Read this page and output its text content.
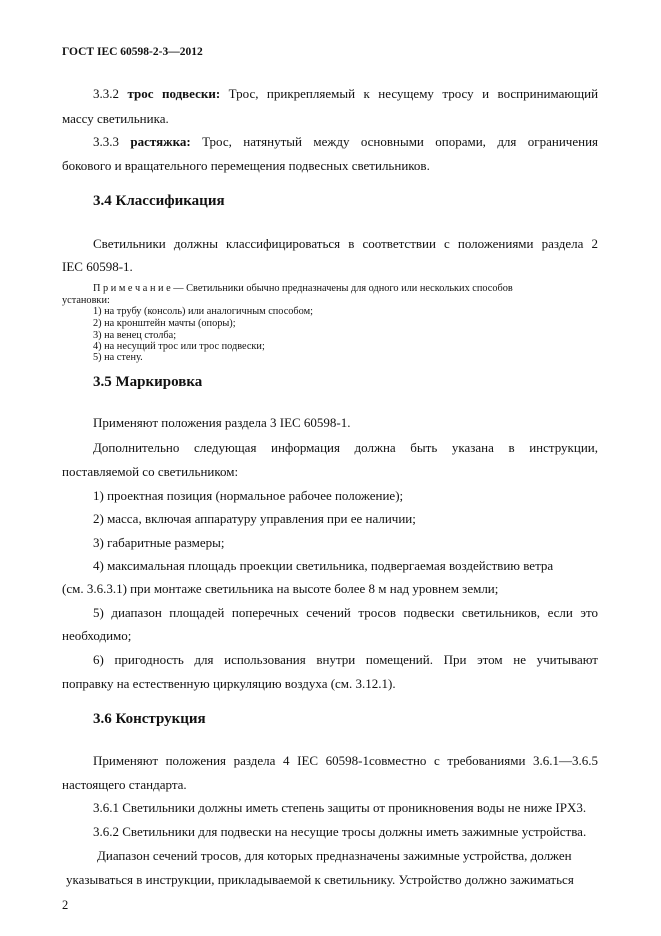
ГОСТ IEC 60598-2-3—2012
3.3.2 трос подвески: Трос, прикрепляемый к несущему тросу и воспринимающий
массу светильника.
3.3.3 растяжка: Трос, натянутый между основными опорами, для ограничения
бокового и вращательного перемещения подвесных светильников.
3.4 Классификация
Светильники должны классифицироваться в соответствии с положениями раздела 2
IEC 60598-1.
П р и м е ч а н и е — Светильники обычно предназначены для одного или нескольких способов
установки:
1) на трубу (консоль) или аналогичным способом;
2) на кронштейн мачты (опоры);
3) на венец столба;
4) на несущий трос или трос подвески;
5) на стену.
3.5 Маркировка
Применяют положения раздела 3 IEC 60598-1.
Дополнительно следующая информация должна быть указана в инструкции,
поставляемой со светильником:
1) проектная позиция (нормальное рабочее положение);
2) масса, включая аппаратуру управления при ее наличии;
3) габаритные размеры;
4) максимальная площадь проекции светильника, подвергаемая воздействию ветра
(см. 3.6.3.1) при монтаже светильника на высоте более 8 м над уровнем земли;
5) диапазон площадей поперечных сечений тросов подвески светильников, если это
необходимо;
6) пригодность для использования внутри помещений. При этом не учитывают
поправку на естественную циркуляцию воздуха (см. 3.12.1).
3.6 Конструкция
Применяют положения раздела 4 IEC 60598-1совместно с требованиями 3.6.1—3.6.5
настоящего стандарта.
3.6.1 Светильники должны иметь степень защиты от проникновения воды не ниже IPX3.
3.6.2 Светильники для подвески на несущие тросы должны иметь зажимные устройства.
Диапазон сечений тросов, для которых предназначены зажимные устройства, должен
указываться в инструкции, прикладываемой к светильнику. Устройство должно зажиматься
2
